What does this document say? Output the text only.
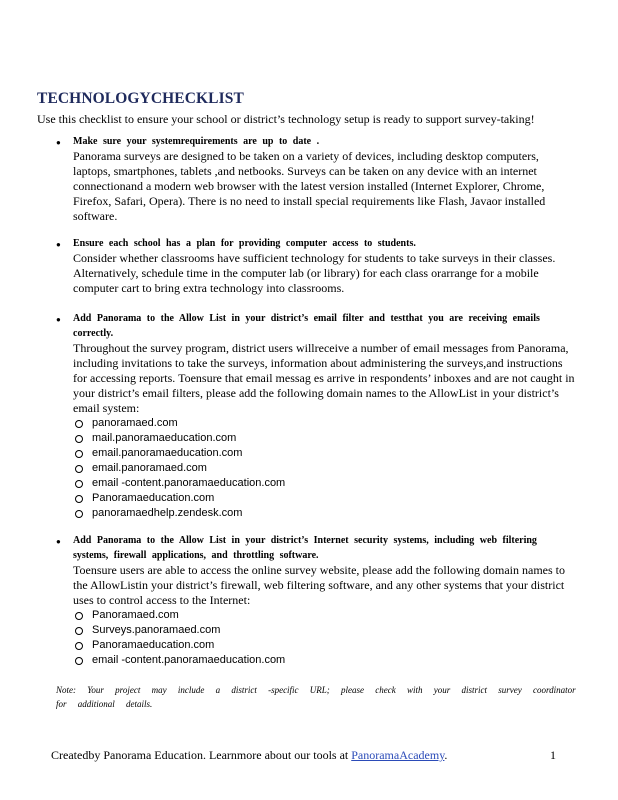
TECHNOLOGYCHECKLIST
Use this checklist to ensure your school or district’s technology setup is ready to support survey-taking!
● Make sure your systemrequirements are up to date .
Panorama surveys are designed to be taken on a variety of devices, including desktop computers, laptops, smartphones, tablets ,and netbooks. Surveys can be taken on any device with an internet connectionand a modern web browser with the latest version installed (Internet Explorer, Chrome, Firefox, Safari, Opera). There is no need to install special requirements like Flash, Javaor installed software.
● Ensure each school has a plan for providing computer access to students.
Consider whether classrooms have sufficient technology for students to take surveys in their classes. Alternatively, schedule time in the computer lab (or library) for each class orarrange for a mobile computer cart to bring extra technology into classrooms.
● Add Panorama to the Allow List in your district’s email filter and testthat you are receiving emails correctly.
Throughout the survey program, district users willreceive a number of email messages from Panorama, including invitations to take the surveys, information about administering the surveys,and instructions for accessing reports. Toensure that email messag es arrive in respondents’ inboxes and are not caught in your district’s email filters, please add the following domain names to the AllowList in your district’s email system:
panoramaed.com
mail.panoramaeducation.com
email.panoramaeducation.com
email.panoramaed.com
email -content.panoramaeducation.com
Panoramaeducation.com
panoramaedhelp.zendesk.com
● Add Panorama to the Allow List in your district’s Internet security systems, including web filtering systems, firewall applications, and throttling software.
Toensure users are able to access the online survey website, please add the following domain names to the AllowListin your district’s firewall, web filtering software, and any other systems that your district uses to control access to the Internet:
Panoramaed.com
Surveys.panoramaed.com
Panoramaeducation.com
email -content.panoramaeducation.com
Note: Your project may include a district -specific URL; please check with your district survey coordinator for additional details.
Createdby Panorama Education. Learnmore about our tools at PanoramaAcademy.	1
